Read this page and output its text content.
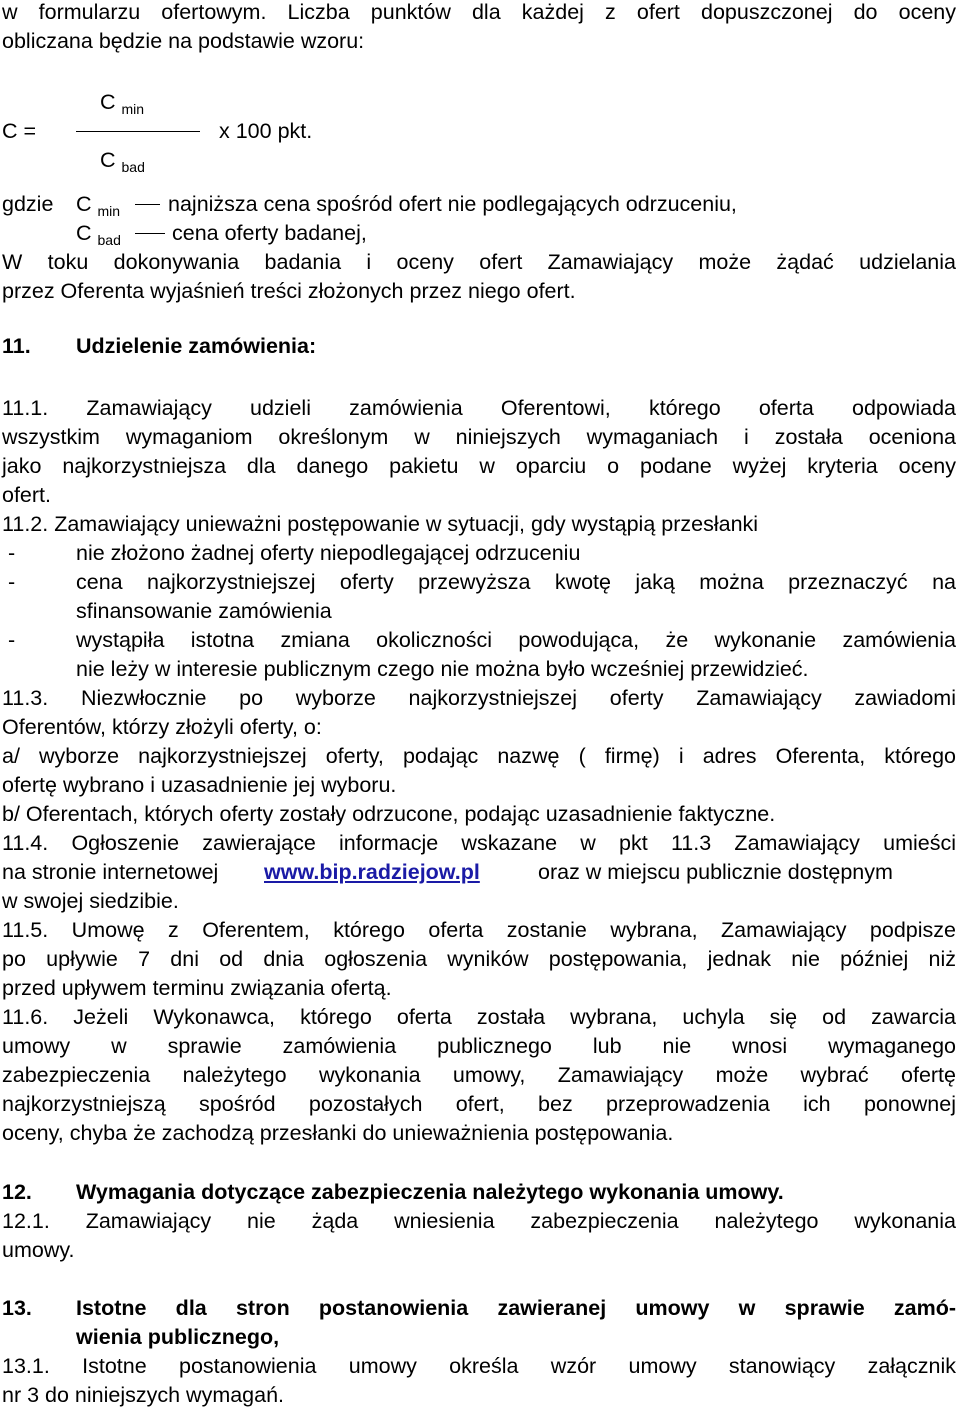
w formularzu ofertowym. Liczba punktów dla każdej z ofert dopuszczonej do oceny
obliczana będzie na podstawie wzoru:
C $_{min}$
C =	x 100 pkt.
C $_{bad}$
gdzie C $_{min}$ najniższa cena spośród ofert nie podlegających odrzuceniu,
C $_{bad}$ cena oferty badanej,
W toku dokonywania badania i oceny ofert Zamawiający może żądać udzielania
przez Oferenta wyjaśnień treści złożonych przez niego ofert.
11. Udzielenie zamówienia:
11.1. Zamawiający udzieli zamówienia Oferentowi, którego oferta odpowiada
wszystkim wymaganiom określonym w niniejszych wymaganiach i została oceniona
jako najkorzystniejsza dla danego pakietu w oparciu o podane wyżej kryteria oceny
ofert.
11.2. Zamawiający unieważni postępowanie w sytuacji, gdy wystąpią przesłanki
-	nie złożono żadnej oferty niepodlegającej odrzuceniu
-	cena najkorzystniejszej oferty przewyższa kwotę jaką można przeznaczyć na
sfinansowanie zamówienia
-	wystąpiła istotna zmiana okoliczności powodująca, że wykonanie zamówienia
nie leży w interesie publicznym czego nie można było wcześniej przewidzieć.
11.3. Niezwłocznie po wyborze najkorzystniejszej oferty Zamawiający zawiadomi
Oferentów, którzy złożyli oferty, o:
a/ wyborze najkorzystniejszej oferty, podając nazwę ( firmę) i adres Oferenta, którego
ofertę wybrano i uzasadnienie jej wyboru.
b/ Oferentach, których oferty zostały odrzucone, podając uzasadnienie faktyczne.
11.4. Ogłoszenie zawierające informacje wskazane w pkt 11.3 Zamawiający umieści
na stronie internetowej www.bip.radziejow.pl	oraz w miejscu publicznie dostępnym
w swojej siedzibie.
11.5. Umowę z Oferentem, którego oferta zostanie wybrana, Zamawiający podpisze
po upływie 7 dni od dnia ogłoszenia wyników postępowania, jednak nie później niż
przed upływem terminu związania ofertą.
11.6. Jeżeli Wykonawca, którego oferta została wybrana, uchyla się od zawarcia
umowy w sprawie zamówienia publicznego lub nie wnosi wymaganego
zabezpieczenia należytego wykonania umowy, Zamawiający może wybrać ofertę
najkorzystniejszą spośród pozostałych ofert, bez przeprowadzenia ich ponownej
oceny, chyba że zachodzą przesłanki do unieważnienia postępowania.
12. Wymagania dotyczące zabezpieczenia należytego wykonania umowy.
12.1. Zamawiający nie żąda wniesienia zabezpieczenia należytego wykonania
umowy.
13. Istotne dla stron postanowienia zawieranej umowy w sprawie zamó-
wienia publicznego,
13.1. Istotne postanowienia umowy określa wzór umowy stanowiący załącznik
nr 3 do niniejszych wymagań.
